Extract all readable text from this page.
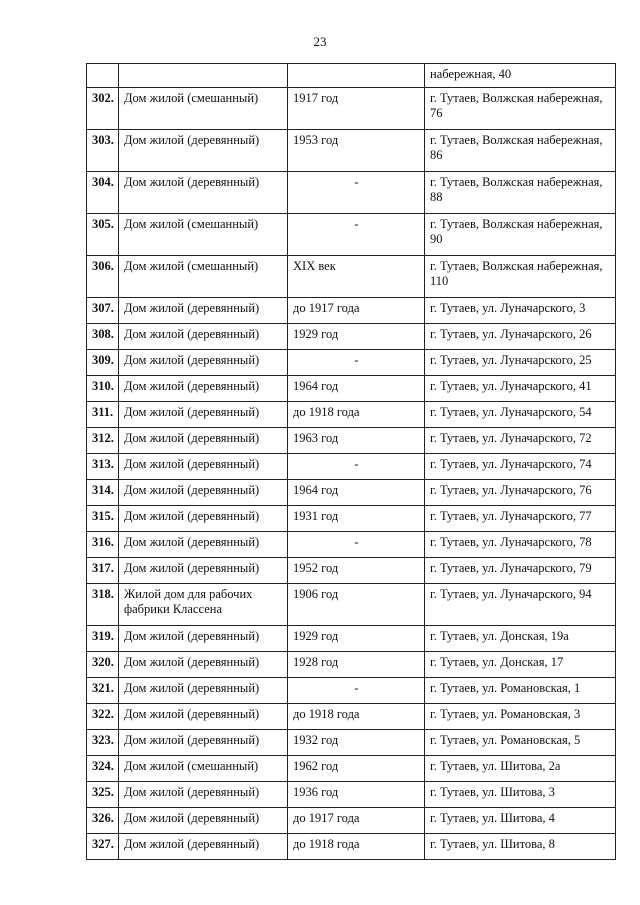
23
			набережная, 40
302.	Дом жилой (смешанный)	1917 год	г. Тутаев, Волжская набережная, 76
303.	Дом жилой (деревянный)	1953 год	г. Тутаев, Волжская набережная, 86
304.	Дом жилой (деревянный)	-	г. Тутаев, Волжская набережная, 88
305.	Дом жилой (смешанный)	-	г. Тутаев, Волжская набережная, 90
306.	Дом жилой (смешанный)	XIX век	г. Тутаев, Волжская набережная, 110
307.	Дом жилой (деревянный)	до 1917 года	г. Тутаев, ул. Луначарского, 3
308.	Дом жилой (деревянный)	1929 год	г. Тутаев, ул. Луначарского, 26
309.	Дом жилой (деревянный)	-	г. Тутаев, ул. Луначарского, 25
310.	Дом жилой (деревянный)	1964 год	г. Тутаев, ул. Луначарского, 41
311.	Дом жилой (деревянный)	до 1918 года	г. Тутаев, ул. Луначарского, 54
312.	Дом жилой (деревянный)	1963 год	г. Тутаев, ул. Луначарского, 72
313.	Дом жилой (деревянный)	-	г. Тутаев, ул. Луначарского, 74
314.	Дом жилой (деревянный)	1964 год	г. Тутаев, ул. Луначарского, 76
315.	Дом жилой (деревянный)	1931 год	г. Тутаев, ул. Луначарского, 77
316.	Дом жилой (деревянный)	-	г. Тутаев, ул. Луначарского, 78
317.	Дом жилой (деревянный)	1952 год	г. Тутаев, ул. Луначарского, 79
318.	Жилой дом для рабочих фабрики Классена	1906 год	г. Тутаев, ул. Луначарского, 94
319.	Дом жилой (деревянный)	1929 год	г. Тутаев, ул. Донская, 19а
320.	Дом жилой (деревянный)	1928 год	г. Тутаев, ул. Донская, 17
321.	Дом жилой (деревянный)	-	г. Тутаев, ул. Романовская, 1
322.	Дом жилой (деревянный)	до 1918 года	г. Тутаев, ул. Романовская, 3
323.	Дом жилой (деревянный)	1932 год	г. Тутаев, ул. Романовская, 5
324.	Дом жилой (смешанный)	1962 год	г. Тутаев, ул. Шитова, 2а
325.	Дом жилой (деревянный)	1936 год	г. Тутаев, ул. Шитова, 3
326.	Дом жилой (деревянный)	до 1917 года	г. Тутаев, ул. Шитова, 4
327.	Дом жилой (деревянный)	до 1918 года	г. Тутаев, ул. Шитова, 8
